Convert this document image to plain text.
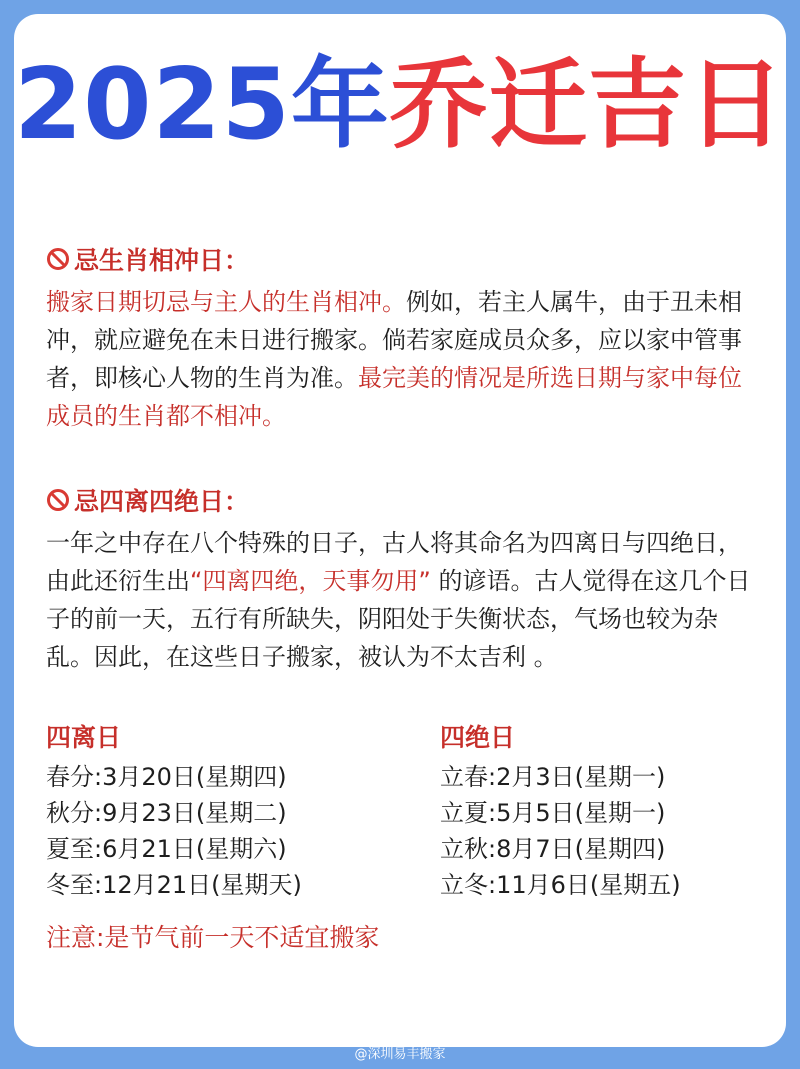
2025年乔迁吉日
忌生肖相冲日：

搬家日期切忌与主人的生肖相冲。例如，若主人属牛，由于丑未相冲，就应避免在未日进行搬家。倘若家庭成员众多，应以家中管事者，即核心人物的生肖为准。最完美的情况是所选日期与家中每位成员的生肖都不相冲。

忌四离四绝日：

一年之中存在八个特殊的日子，古人将其命名为四离日与四绝日，由此还衍生出“四离四绝，天事勿用” 的谚语。古人觉得在这几个日子的前一天，五行有所缺失，阴阳处于失衡状态，气场也较为杂乱。因此，在这些日子搬家，被认为不太吉利 。

四离日
春分:3月20日(星期四)
秋分:9月23日(星期二)
夏至:6月21日(星期六)
冬至:12月21日(星期天)
四绝日
立春:2月3日(星期一)
立夏:5月5日(星期一)
立秋:8月7日(星期四)
立冬:11月6日(星期五)
注意:是节气前一天不适宜搬家
@深圳易丰搬家
